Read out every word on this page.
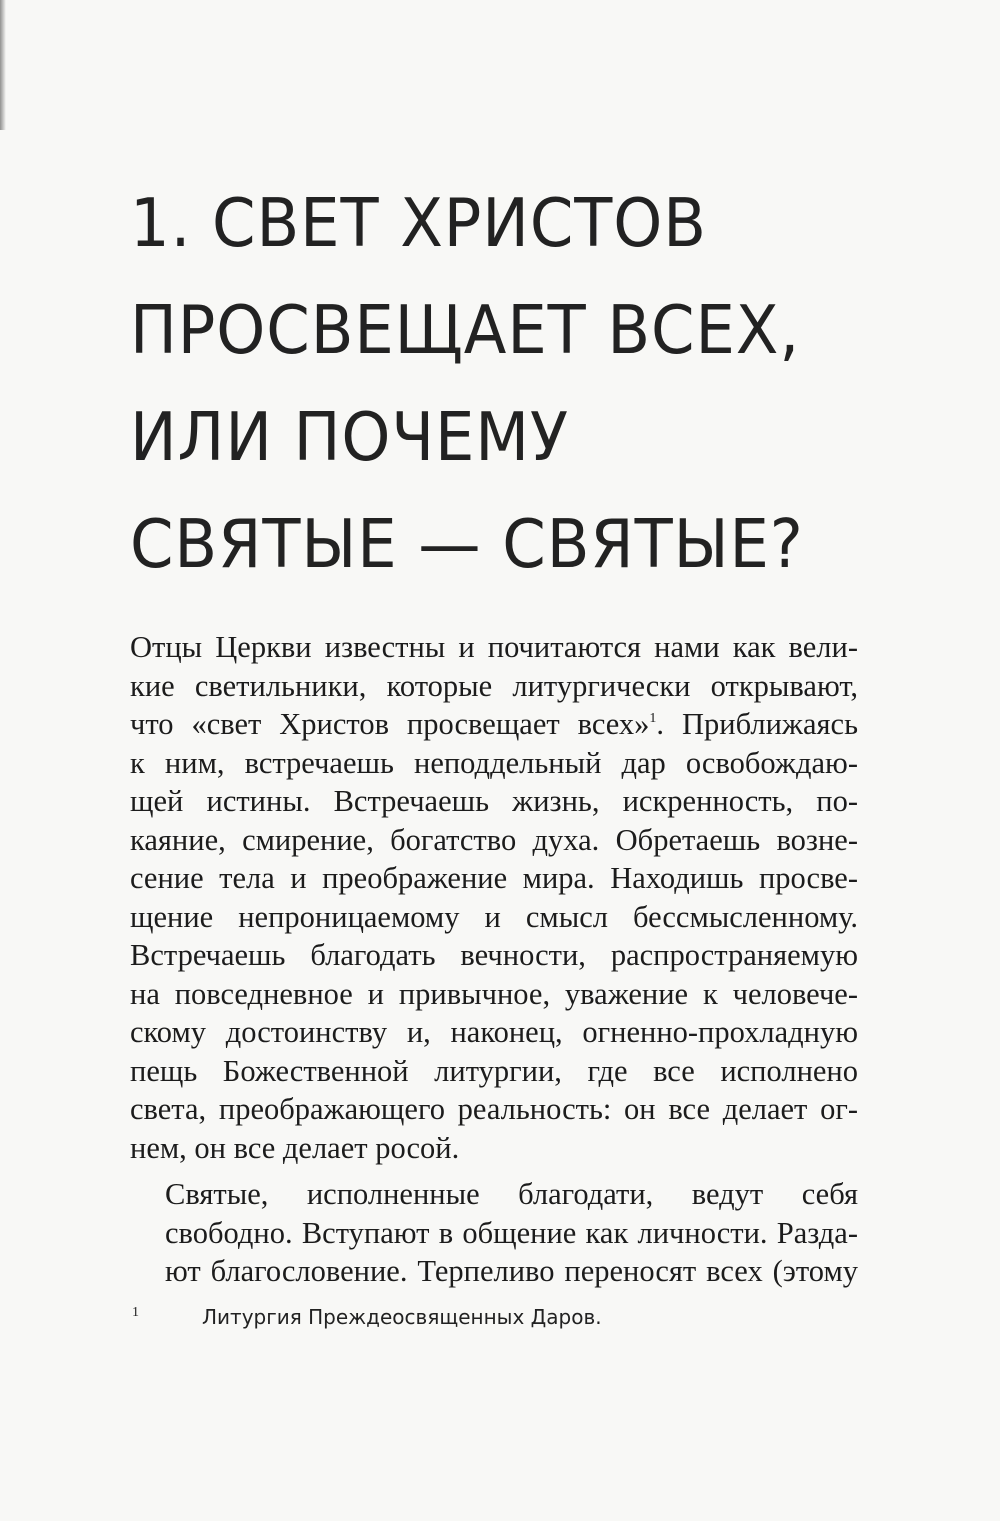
1. СВЕТ ХРИСТОВ
ПРОСВЕЩАЕТ ВСЕХ,
ИЛИ ПОЧЕМУ
СВЯТЫЕ — СВЯТЫЕ?

Отцы Церкви известны и почитаются нами как вели-
кие светильники, которые литургически открывают,
что «свет Христов просвещает всех»$^1$. Приближаясь
к ним, встречаешь неподдельный дар освобождаю-
щей истины. Встречаешь жизнь, искренность, по-
каяние, смирение, богатство духа. Обретаешь возне-
сение тела и преображение мира. Находишь просве-
щение непроницаемому и смысл бессмысленному.
Встречаешь благодать вечности, распространяемую
на повседневное и привычное, уважение к человече-
скому достоинству и, наконец, огненно-прохладную
пещь Божественной литургии, где все исполнено
света, преображающего реальность: он все делает ог-
нем, он все делает росой.

Святые, исполненные благодати, ведут себя
свободно. Вступают в общение как личности. Разда-
ют благословение. Терпеливо переносят всех (этому

1	Литургия Преждеосвященных Даров.
